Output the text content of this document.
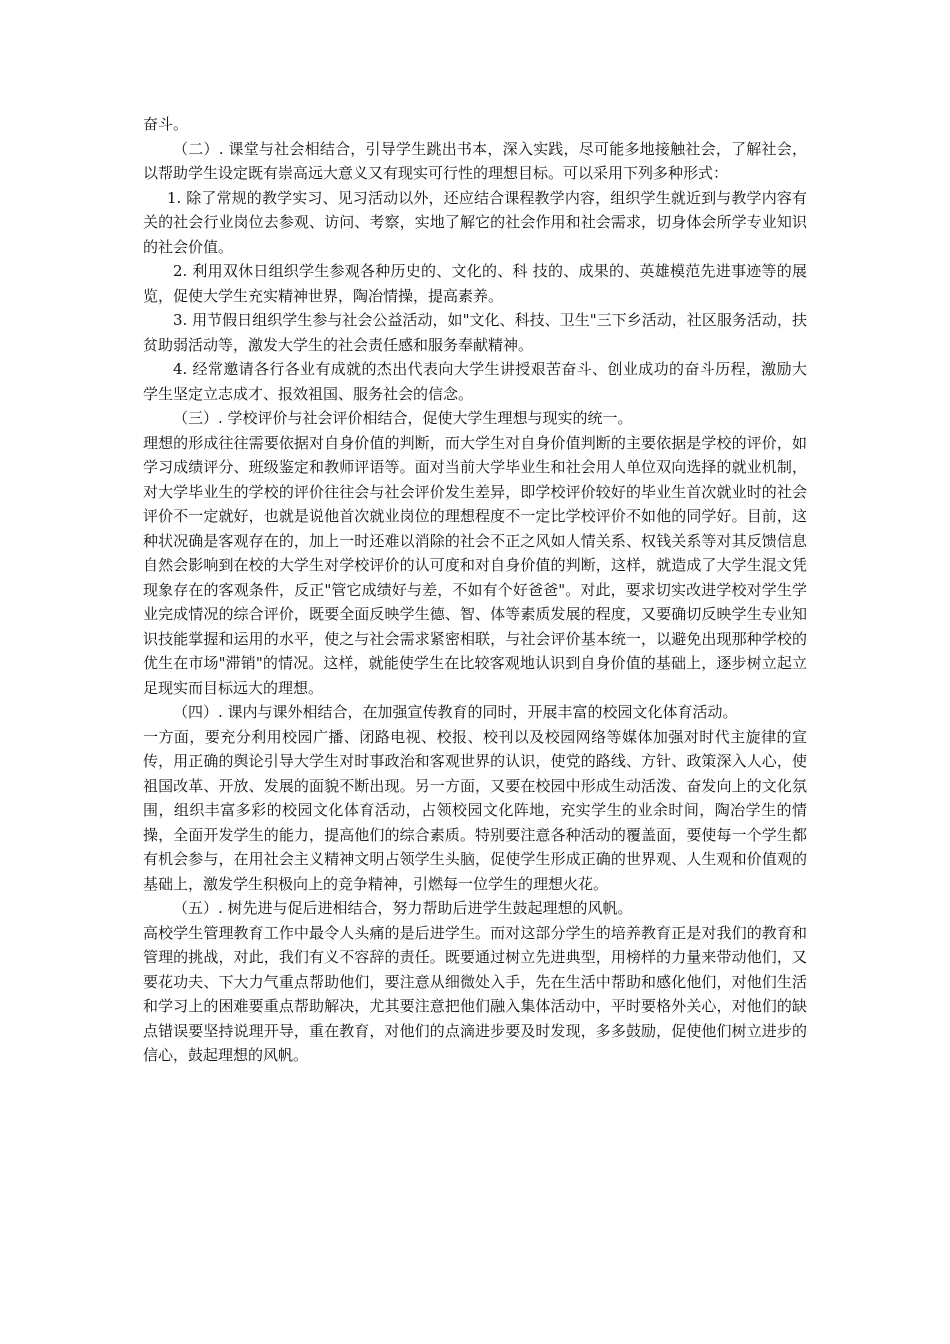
奋斗。

（二）. 课堂与社会相结合，引导学生跳出书本，深入实践，尽可能多地接触社会，了解社会，以帮助学生设定既有崇高远大意义又有现实可行性的理想目标。可以采用下列多种形式：

1. 除了常规的教学实习、见习活动以外，还应结合课程教学内容，组织学生就近到与教学内容有关的社会行业岗位去参观、访问、考察，实地了解它的社会作用和社会需求，切身体会所学专业知识的社会价值。

2. 利用双休日组织学生参观各种历史的、文化的、科 技的、成果的、英雄模范先进事迹等的展览，促使大学生充实精神世界，陶冶情操，提高素养。

3. 用节假日组织学生参与社会公益活动，如"文化、科技、卫生"三下乡活动，社区服务活动，扶贫助弱活动等，激发大学生的社会责任感和服务奉献精神。

4. 经常邀请各行各业有成就的杰出代表向大学生讲授艰苦奋斗、创业成功的奋斗历程，激励大学生坚定立志成才、报效祖国、服务社会的信念。

（三）. 学校评价与社会评价相结合，促使大学生理想与现实的统一。

理想的形成往往需要依据对自身价值的判断，而大学生对自身价值判断的主要依据是学校的评价，如学习成绩评分、班级鉴定和教师评语等。面对当前大学毕业生和社会用人单位双向选择的就业机制，对大学毕业生的学校的评价往往会与社会评价发生差异，即学校评价较好的毕业生首次就业时的社会评价不一定就好，也就是说他首次就业岗位的理想程度不一定比学校评价不如他的同学好。目前，这种状况确是客观存在的，加上一时还难以消除的社会不正之风如人情关系、权钱关系等对其反馈信息自然会影响到在校的大学生对学校评价的认可度和对自身价值的判断，这样，就造成了大学生混文凭现象存在的客观条件，反正"管它成绩好与差，不如有个好爸爸"。对此，要求切实改进学校对学生学业完成情况的综合评价，既要全面反映学生德、智、体等素质发展的程度，又要确切反映学生专业知识技能掌握和运用的水平，使之与社会需求紧密相联，与社会评价基本统一，以避免出现那种学校的优生在市场"滞销"的情况。这样，就能使学生在比较客观地认识到自身价值的基础上，逐步树立起立足现实而目标远大的理想。

（四）. 课内与课外相结合，在加强宣传教育的同时，开展丰富的校园文化体育活动。

一方面，要充分利用校园广播、闭路电视、校报、校刊以及校园网络等媒体加强对时代主旋律的宣传，用正确的舆论引导大学生对时事政治和客观世界的认识，使党的路线、方针、政策深入人心，使祖国改革、开放、发展的面貌不断出现。另一方面，又要在校园中形成生动活泼、奋发向上的文化氛围，组织丰富多彩的校园文化体育活动，占领校园文化阵地，充实学生的业余时间，陶冶学生的情操，全面开发学生的能力，提高他们的综合素质。特别要注意各种活动的覆盖面，要使每一个学生都有机会参与，在用社会主义精神文明占领学生头脑，促使学生形成正确的世界观、人生观和价值观的基础上，激发学生积极向上的竞争精神，引燃每一位学生的理想火花。

（五）. 树先进与促后进相结合，努力帮助后进学生鼓起理想的风帆。

高校学生管理教育工作中最令人头痛的是后进学生。而对这部分学生的培养教育正是对我们的教育和管理的挑战，对此，我们有义不容辞的责任。既要通过树立先进典型，用榜样的力量来带动他们，又要花功夫、下大力气重点帮助他们，要注意从细微处入手，先在生活中帮助和感化他们，对他们生活和学习上的困难要重点帮助解决，尤其要注意把他们融入集体活动中，平时要格外关心，对他们的缺点错误要坚持说理开导，重在教育，对他们的点滴进步要及时发现，多多鼓励，促使他们树立进步的信心，鼓起理想的风帆。
